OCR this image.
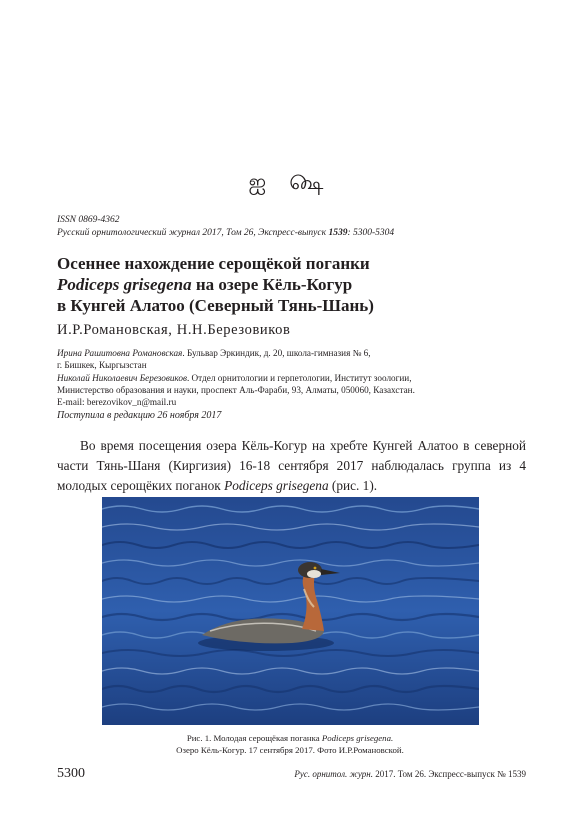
ஐ ௸
ISSN 0869-4362
Русский орнитологический журнал 2017, Том 26, Экспресс-выпуск 1539: 5300-5304
Осеннее нахождение серощёкой поганки
Podiceps grisegena на озере Кёль-Когур
в Кунгей Алатоо (Северный Тянь-Шань)
И.Р.Романовская, Н.Н.Березовиков
Ирина Рашитовна Романовская. Бульвар Эркиндик, д. 20, школа-гимназия № 6,
г. Бишкек, Кыргызстан
Николай Николаевич Березовиков. Отдел орнитологии и герпетологии, Институт зоологии,
Министерство образования и науки, проспект Аль-Фараби, 93, Алматы, 050060, Казахстан.
E-mail: berezovikov_n@mail.ru
Поступила в редакцию 26 ноября 2017
Во время посещения озера Кёль-Когур на хребте Кунгей Алатоо в северной части Тянь-Шаня (Киргизия) 16-18 сентября 2017 наблюдалась группа из 4 молодых серощёких поганок Podiceps grisegena (рис. 1).
Рис. 1. Молодая серощёкая поганка Podiceps grisegena.
Озеро Кёль-Когур. 17 сентября 2017. Фото И.Р.Романовской.
5300	Рус. орнитол. журн. 2017. Том 26. Экспресс-выпуск № 1539
